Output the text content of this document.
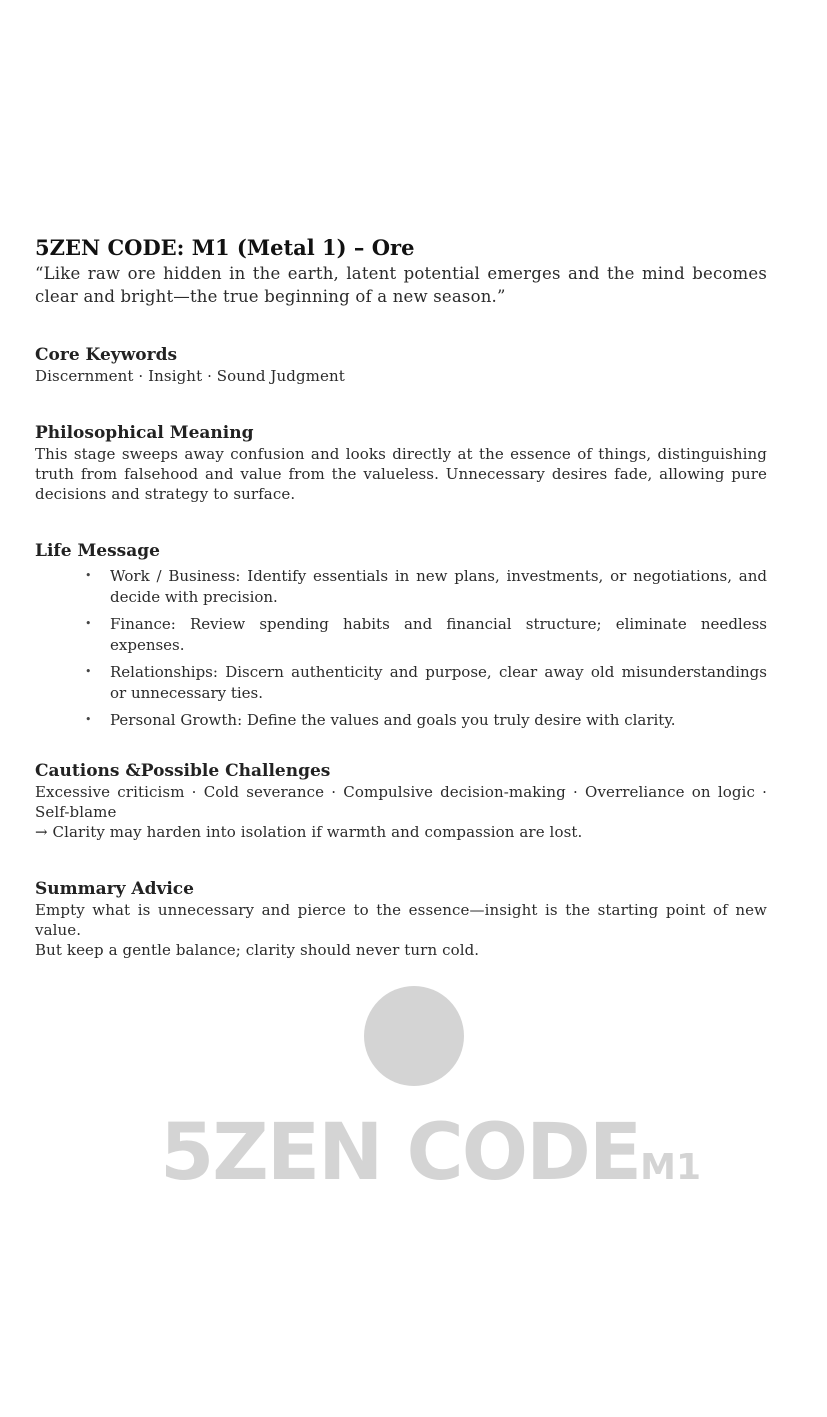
5ZEN CODE: M1 (Metal 1) – Ore

“Like raw ore hidden in the earth, latent potential emerges and the mind becomes clear and bright—the true beginning of a new season.”

Core Keywords

Discernment · Insight · Sound Judgment

Philosophical Meaning

This stage sweeps away confusion and looks directly at the essence of things, distinguishing truth from falsehood and value from the valueless. Unnecessary desires fade, allowing pure decisions and strategy to surface.

Life Message
• Work / Business: Identify essentials in new plans, investments, or negotiations, and decide with precision.
• Finance: Review spending habits and financial structure; eliminate needless expenses.
• Relationships: Discern authenticity and purpose, clear away old misunderstandings or unnecessary ties.
• Personal Growth: Define the values and goals you truly desire with clarity.
Cautions &Possible Challenges

Excessive criticism · Cold severance · Compulsive decision-making · Overreliance on logic · Self-blame

→ Clarity may harden into isolation if warmth and compassion are lost.

Summary Advice

Empty what is unnecessary and pierce to the essence—insight is the starting point of new value.

But keep a gentle balance; clarity should never turn cold.

5ZEN CODEM1
